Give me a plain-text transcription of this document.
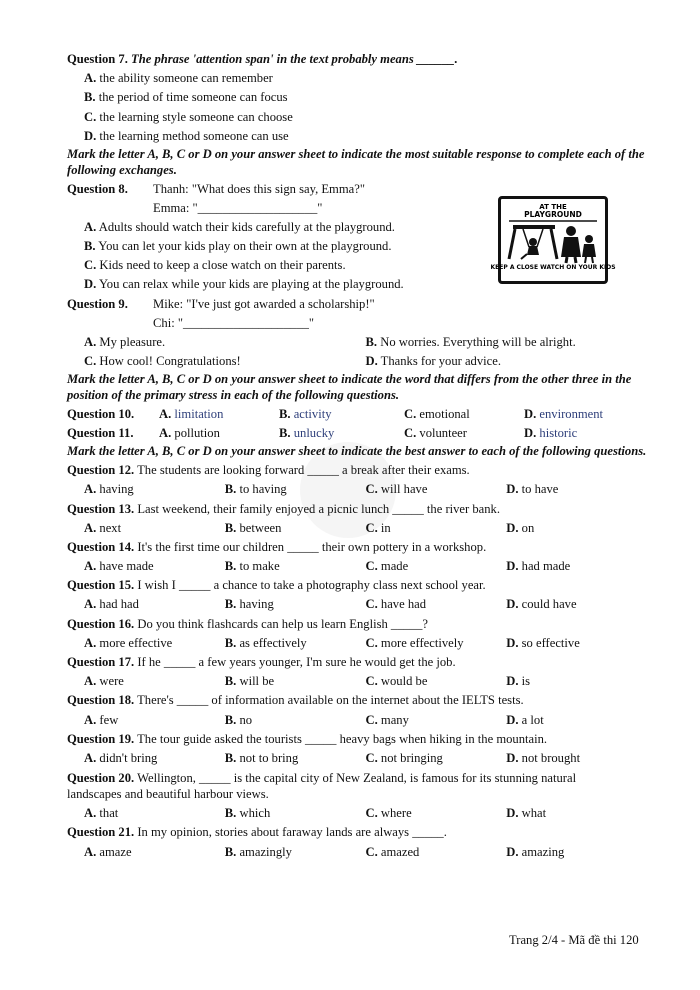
Question 7. The phrase 'attention span' in the text probably means ______.
A. the ability someone can remember
B. the period of time someone can focus
C. the learning style someone can choose
D. the learning method someone can use
Mark the letter A, B, C or D on your answer sheet to indicate the most suitable response to complete each of the following exchanges.
Question 8. Thanh: "What does this sign say, Emma?"
Emma: "___________________"
A. Adults should watch their kids carefully at the playground.
B. You can let your kids play on their own at the playground.
C. Kids need to keep a close watch on their parents.
D. You can relax while your kids are playing at the playground.
Question 9. Mike: "I've just got awarded a scholarship!"
Chi: "____________________"
A. My pleasure.	B. No worries. Everything will be alright.
C. How cool! Congratulations!	D. Thanks for your advice.
Mark the letter A, B, C or D on your answer sheet to indicate the word that differs from the other three in the position of the primary stress in each of the following questions.
Question 10.	A. limitation	B. activity	C. emotional	D. environment
Question 11.	A. pollution	B. unlucky	C. volunteer	D. historic
Mark the letter A, B, C or D on your answer sheet to indicate the best answer to each of the following questions.
Question 12. The students are looking forward _____ a break after their exams.
A. having	B. to having	C. will have	D. to have
Question 13. Last weekend, their family enjoyed a picnic lunch _____ the river bank.
A. next	B. between	C. in	D. on
Question 14. It's the first time our children _____ their own pottery in a workshop.
A. have made	B. to make	C. made	D. had made
Question 15. I wish I _____ a chance to take a photography class next school year.
A. had had	B. having	C. have had	D. could have
Question 16. Do you think flashcards can help us learn English _____?
A. more effective	B. as effectively	C. more effectively	D. so effective
Question 17. If he _____ a few years younger, I'm sure he would get the job.
A. were	B. will be	C. would be	D. is
Question 18. There's _____ of information available on the internet about the IELTS tests.
A. few	B. no	C. many	D. a lot
Question 19. The tour guide asked the tourists _____ heavy bags when hiking in the mountain.
A. didn't bring	B. not to bring	C. not bringing	D. not brought
Question 20. Wellington, _____ is the capital city of New Zealand, is famous for its stunning natural landscapes and beautiful harbour views.
A. that	B. which	C. where	D. what
Question 21. In my opinion, stories about faraway lands are always _____.
A. amaze	B. amazingly	C. amazed	D. amazing
AT THE
PLAYGROUND
KEEP A CLOSE WATCH ON YOUR KIDS
Trang 2/4 - Mã đề thi 120
